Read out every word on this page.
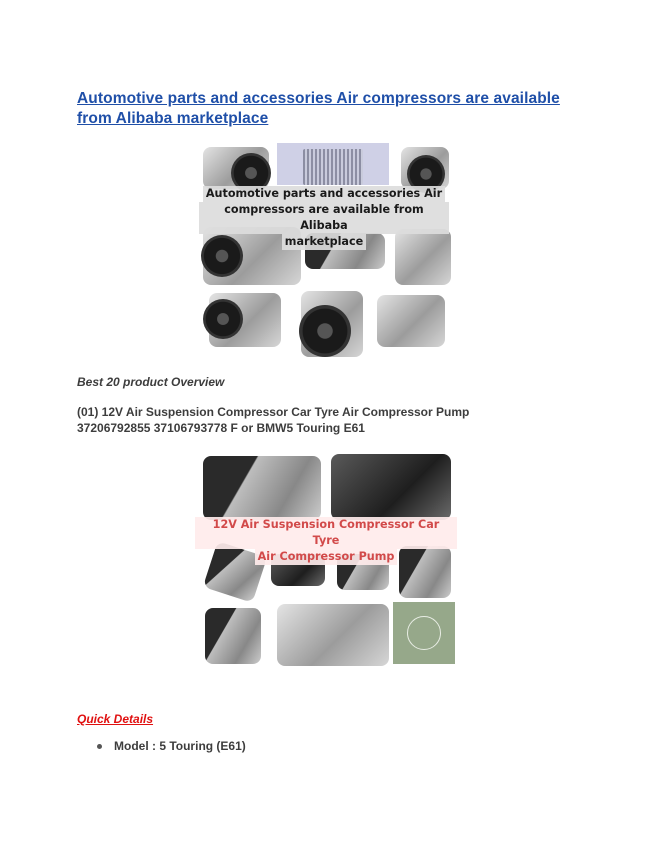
Automotive parts and accessories Air compressors are available from Alibaba marketplace
Automotive parts and accessories Air
compressors are available from Alibaba
marketplace
Best 20 product Overview
(01) 12V Air Suspension Compressor Car Tyre Air Compressor Pump 37206792855 37106793778 F or BMW5 Touring E61
12V Air Suspension Compressor Car Tyre
Air Compressor Pump
Quick Details
Model : 5 Touring (E61)
